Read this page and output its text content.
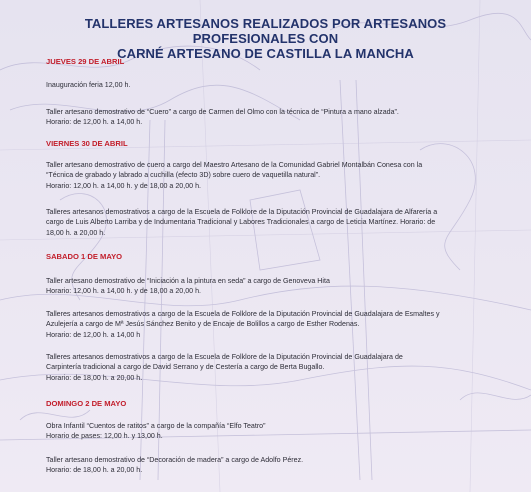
TALLERES ARTESANOS REALIZADOS POR ARTESANOS PROFESIONALES CON
CARNÉ ARTESANO DE CASTILLA LA MANCHA
JUEVES 29 DE ABRIL
Inauguración feria 12,00 h.
Taller artesano demostrativo de “Cuero” a cargo de Carmen del Olmo con la técnica de “Pintura a mano alzada”.
Horario: de 12,00 h. a 14,00 h.
VIERNES 30 DE ABRIL
Taller artesano demostrativo de cuero a cargo del Maestro Artesano de la Comunidad Gabriel Montalbán Conesa con la
“Técnica de grabado y labrado a cuchilla (efecto 3D) sobre cuero de vaquetilla natural”.
Horario: 12,00 h. a 14,00 h. y de 18,00 a 20,00 h.
Talleres artesanos demostrativos a cargo de la Escuela de Folklore de la Diputación Provincial de Guadalajara de Alfarería a
cargo de Luis Alberto Larriba y de Indumentaria Tradicional y Labores Tradicionales a cargo de Leticia Martínez. Horario: de
18,00 h. a 20,00 h.
SABADO 1 DE MAYO
Taller artesano demostrativo de “Iniciación a la pintura en seda” a cargo de Genoveva Hita
Horario: 12,00 h. a 14,00 h. y de 18,00 a 20,00 h.
Talleres artesanos demostrativos a cargo de la Escuela de Folklore de la Diputación Provincial de Guadalajara de Esmaltes y
Azulejería a cargo de Mª Jesús Sánchez Benito y de Encaje de Bolillos a cargo de Esther Rodenas.
Horario: de 12,00 h. a 14,00 h
Talleres artesanos demostrativos a cargo de la Escuela de Folklore de la Diputación Provincial de Guadalajara de
Carpintería tradicional a cargo de David Serrano y de Cestería a cargo de Berta Bugallo.
Horario: de 18,00 h. a 20,00 h.
DOMINGO 2 DE MAYO
Obra Infantil “Cuentos de ratitos” a cargo de la compañía “Elfo Teatro”
Horario de pases: 12,00 h. y 13,00 h.
Taller artesano demostrativo de “Decoración de madera” a cargo de Adolfo Pérez.
Horario: de 18,00 h. a 20,00 h.
